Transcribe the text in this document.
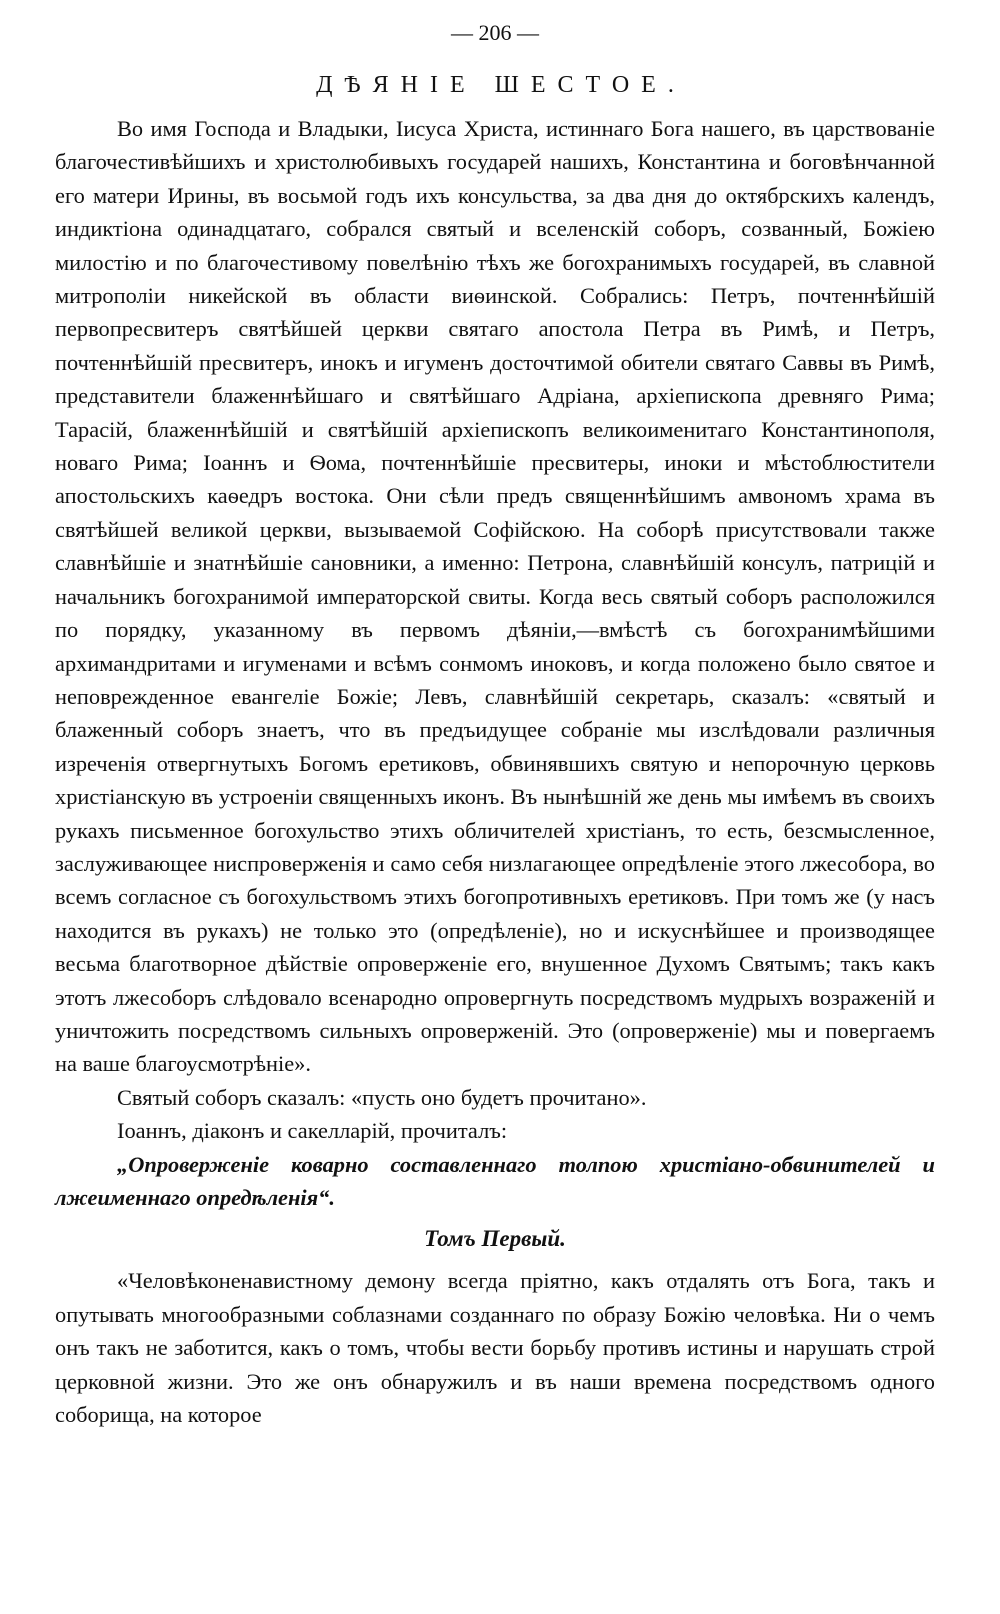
— 206 —
ДѢЯНІЕ ШЕСТОЕ.

Во имя Господа и Владыки, Іисуса Христа, истиннаго Бога нашего, въ царствованіе благочестивѣйшихъ и христолюбивыхъ государей нашихъ, Константина и боговѣнчанной его матери Ирины, въ восьмой годъ ихъ консульства, за два дня до октябрскихъ календъ, индиктіона одинадцатаго, собрался святый и вселенскій соборъ, созванный, Божіею милостію и по благочестивому повелѣнію тѣхъ же богохранимыхъ государей, въ славной митрополіи никейской въ области виѳинской. Собрались: Петръ, почтеннѣйшій первопресвитеръ святѣйшей церкви святаго апостола Петра въ Римѣ, и Петръ, почтеннѣйшій пресвитеръ, инокъ и игуменъ досточтимой обители святаго Саввы въ Римѣ, представители блаженнѣйшаго и святѣйшаго Адріана, архіепископа древняго Рима; Тарасій, блаженнѣйшій и святѣйшій архіепископъ великоименитаго Константинополя, новаго Рима; Іоаннъ и Ѳома, почтеннѣйшіе пресвитеры, иноки и мѣстоблюстители апостольскихъ каѳедръ востока. Они сѣли предъ священнѣйшимъ амвономъ храма въ святѣйшей великой церкви, вызываемой Софійскою. На соборѣ присутствовали также славнѣйшіе и знатнѣйшіе сановники, а именно: Петрона, славнѣйшій консулъ, патрицій и начальникъ богохранимой императорской свиты. Когда весь святый соборъ расположился по порядку, указанному въ первомъ дѣяніи,—вмѣстѣ съ богохранимѣйшими архимандритами и игуменами и всѣмъ сонмомъ иноковъ, и когда положено было святое и неповрежденное евангеліе Божіе; Левъ, славнѣйшій секретарь, сказалъ: «святый и блаженный соборъ знаетъ, что въ предъидущее собраніе мы изслѣдовали различныя изреченія отвергнутыхъ Богомъ еретиковъ, обвинявшихъ святую и непорочную церковь христіанскую въ устроеніи священныхъ иконъ. Въ нынѣшній же день мы имѣемъ въ своихъ рукахъ письменное богохульство этихъ обличителей христіанъ, то есть, безсмысленное, заслуживающее ниспроверженія и само себя низлагающее опредѣленіе этого лжесобора, во всемъ согласное съ богохульствомъ этихъ богопротивныхъ еретиковъ. При томъ же (у насъ находится въ рукахъ) не только это (опредѣленіе), но и искуснѣйшее и производящее весьма благотворное дѣйствіе опроверженіе его, внушенное Духомъ Святымъ; такъ какъ этотъ лжесоборъ слѣдовало всенародно опровергнуть посредствомъ мудрыхъ возраженій и уничтожить посредствомъ сильныхъ опроверженій. Это (опроверженіе) мы и повергаемъ на ваше благоусмотрѣніе».

Святый соборъ сказалъ: «пусть оно будетъ прочитано».

Іоаннъ, діаконъ и сакелларій, прочиталъ:

„Опроверженіе коварно составленнаго толпою христіано-обвинителей и лжеименнаго опредѣленія“.

Томъ Первый.

«Человѣконенавистному демону всегда пріятно, какъ отдалять отъ Бога, такъ и опутывать многообразными соблазнами созданнаго по образу Божію человѣка. Ни о чемъ онъ такъ не заботится, какъ о томъ, чтобы вести борьбу противъ истины и нарушать строй церковной жизни. Это же онъ обнаружилъ и въ наши времена посредствомъ одного соборища, на которое
